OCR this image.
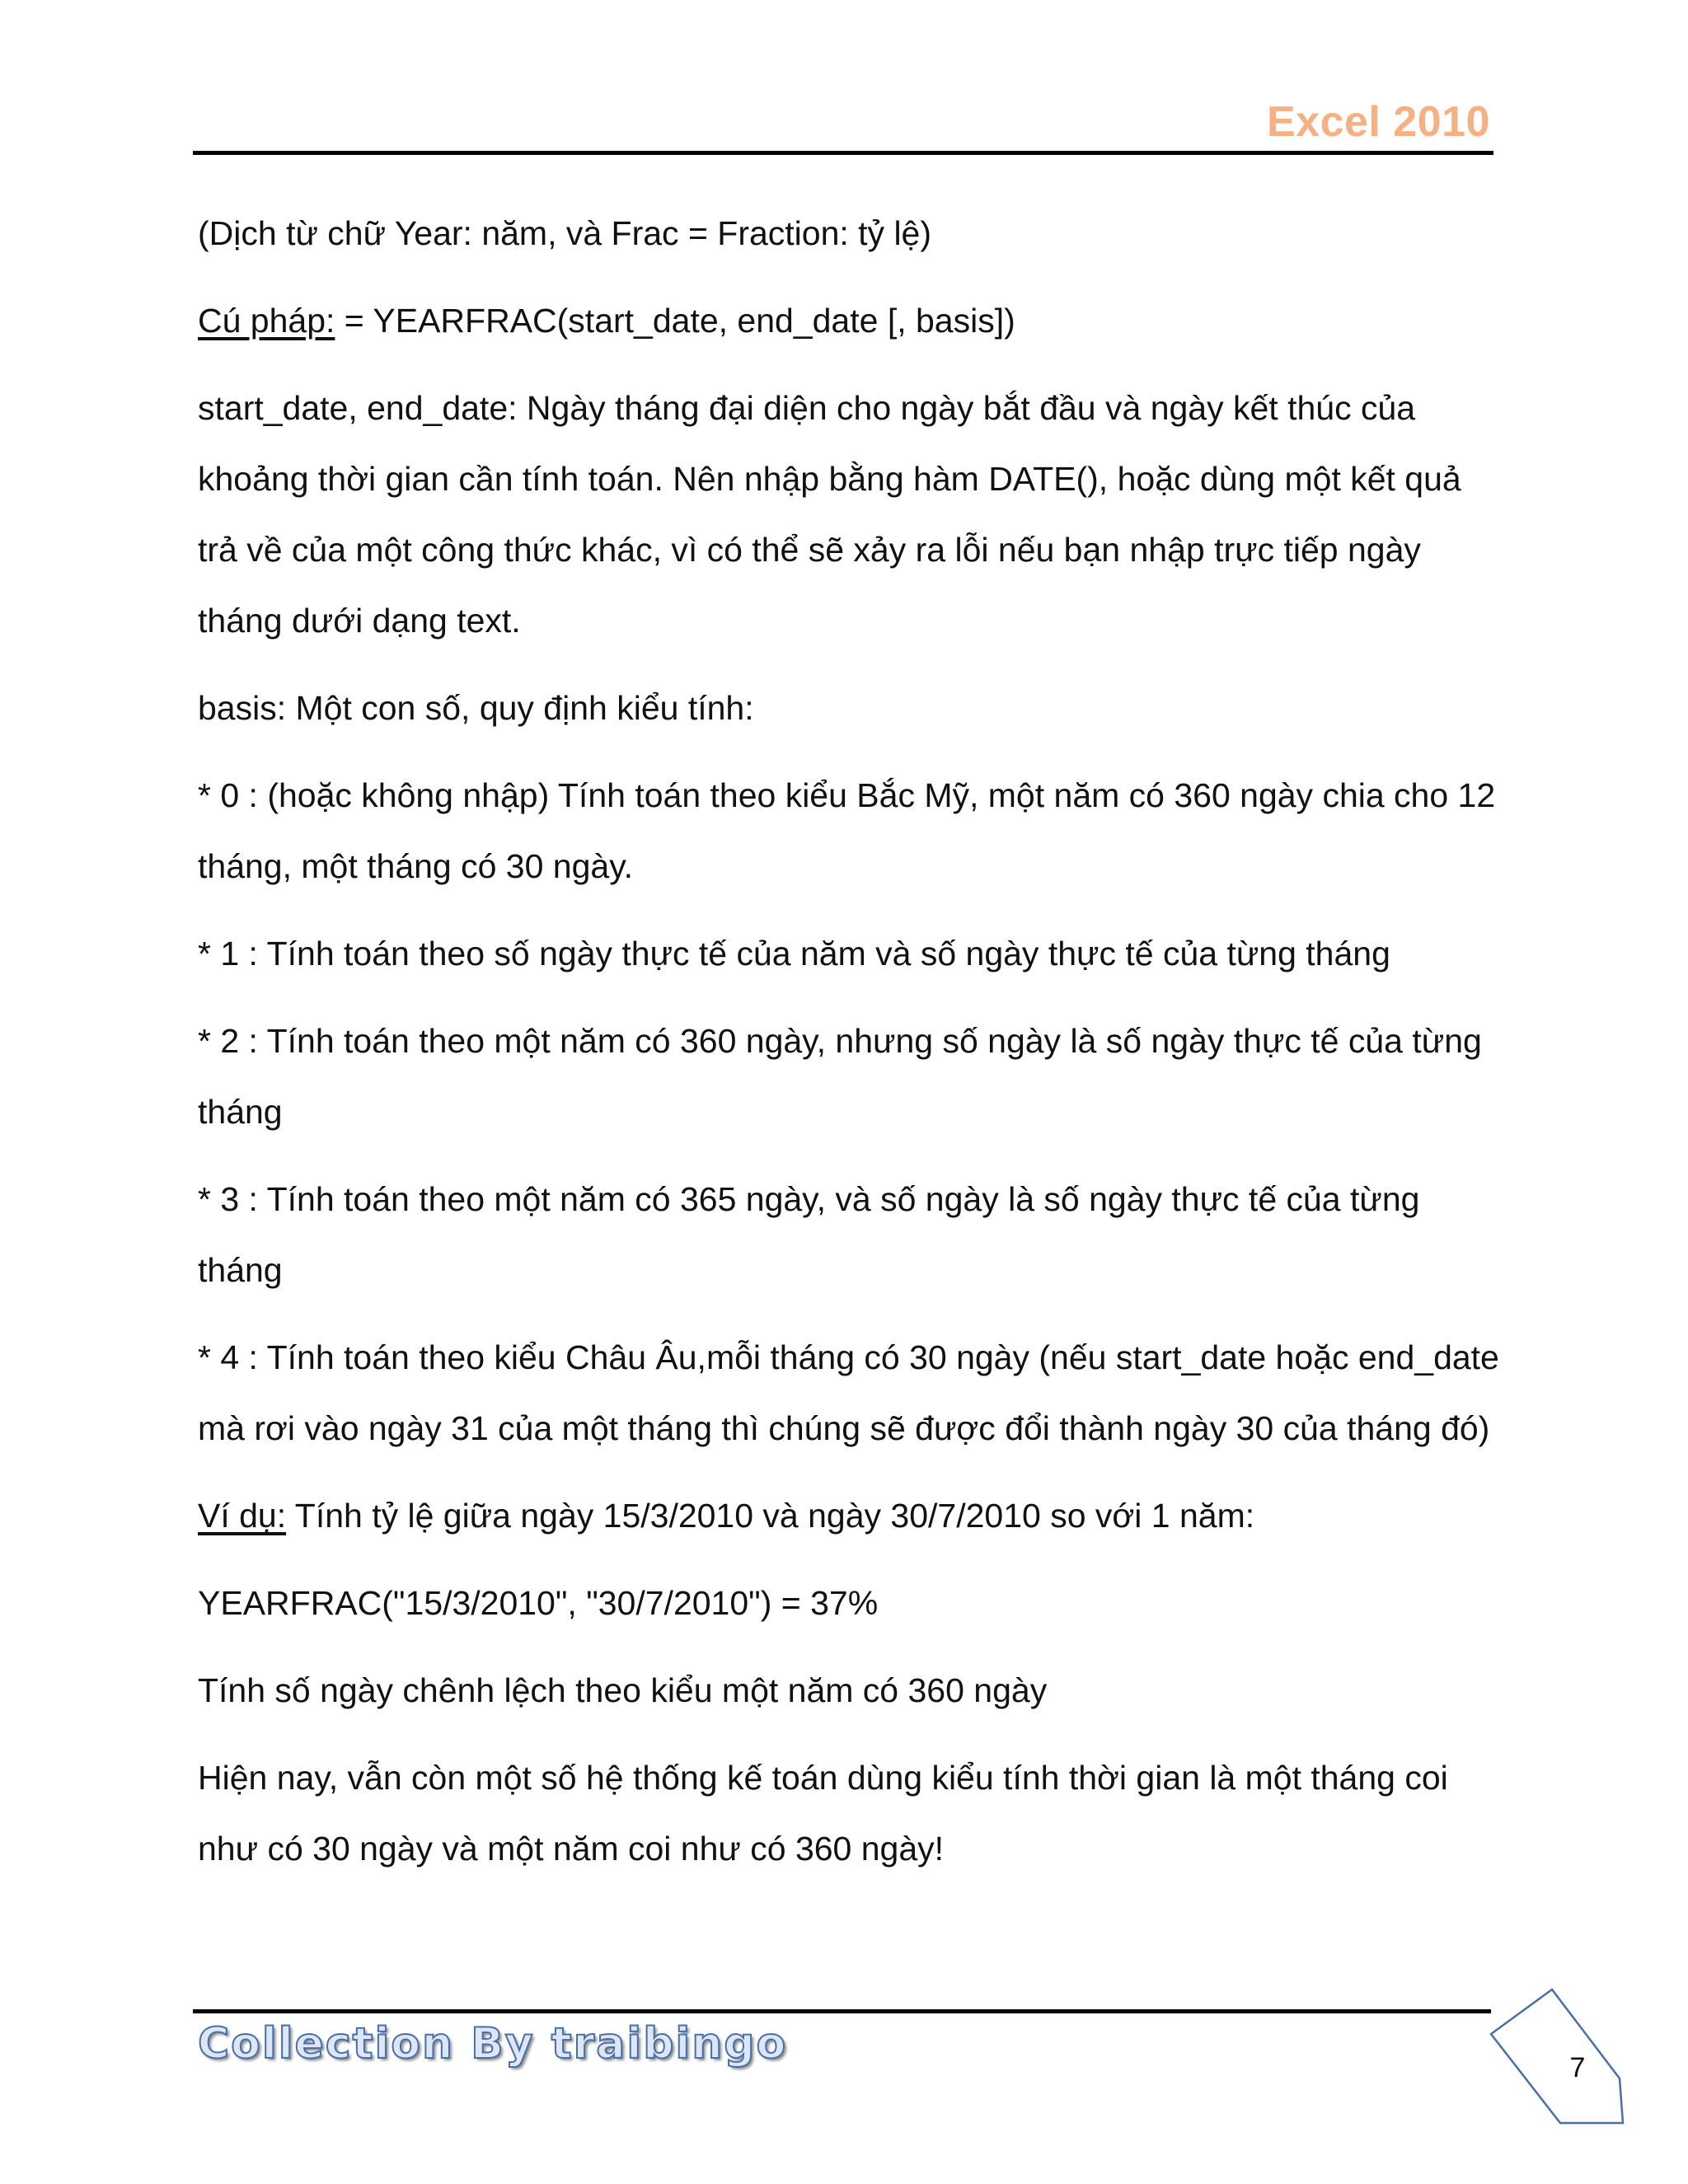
Excel 2010

(Dịch từ chữ Year: năm, và Frac = Fraction: tỷ lệ)

Cú pháp: = YEARFRAC(start_date, end_date [, basis])

start_date, end_date: Ngày tháng đại diện cho ngày bắt đầu và ngày kết thúc của khoảng thời gian cần tính toán. Nên nhập bằng hàm DATE(), hoặc dùng một kết quả trả về của một công thức khác, vì có thể sẽ xảy ra lỗi nếu bạn nhập trực tiếp ngày tháng dưới dạng text.

basis: Một con số, quy định kiểu tính:

* 0 : (hoặc không nhập) Tính toán theo kiểu Bắc Mỹ, một năm có 360 ngày chia cho 12 tháng, một tháng có 30 ngày.

* 1 : Tính toán theo số ngày thực tế của năm và số ngày thực tế của từng tháng

* 2 : Tính toán theo một năm có 360 ngày, nhưng số ngày là số ngày thực tế của từng tháng

* 3 : Tính toán theo một năm có 365 ngày, và số ngày là số ngày thực tế của từng tháng

* 4 : Tính toán theo kiểu Châu Âu,mỗi tháng có 30 ngày (nếu start_date hoặc end_date mà rơi vào ngày 31 của một tháng thì chúng sẽ được đổi thành ngày 30 của tháng đó)

Ví dụ: Tính tỷ lệ giữa ngày 15/3/2010 và ngày 30/7/2010 so với 1 năm:

YEARFRAC("15/3/2010", "30/7/2010") = 37%

Tính số ngày chênh lệch theo kiểu một năm có 360 ngày

Hiện nay, vẫn còn một số hệ thống kế toán dùng kiểu tính thời gian là một tháng coi như có 30 ngày và một năm coi như có 360 ngày!

Collection By traibingo	7
